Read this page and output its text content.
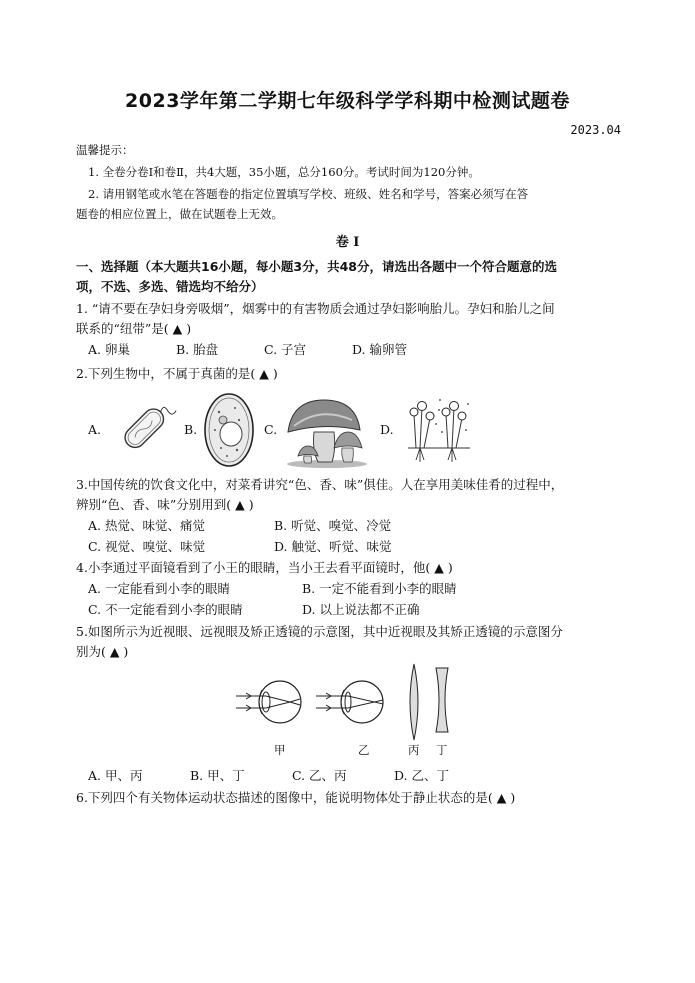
2023学年第二学期七年级科学学科期中检测试题卷
2023.04
温馨提示：
1. 全卷分卷Ⅰ和卷Ⅱ，共4大题，35小题，总分160分。考试时间为120分钟。
2. 请用钢笔或水笔在答题卷的指定位置填写学校、班级、姓名和学号，答案必须写在答
题卷的相应位置上，做在试题卷上无效。
卷 Ⅰ
一、选择题（本大题共16小题，每小题3分，共48分，请选出各题中一个符合题意的选
项，不选、多选、错选均不给分）
1. “请不要在孕妇身旁吸烟”，烟雾中的有害物质会通过孕妇影响胎儿。孕妇和胎儿之间
联系的“纽带”是( ▲ )
A. 卵巢	B. 胎盘	C. 子宫	D. 输卵管
2.下列生物中，不属于真菌的是( ▲ )
A.	B.	C.	D.
3.中国传统的饮食文化中，对菜肴讲究“色、香、味”俱佳。人在享用美味佳肴的过程中，
辨别“色、香、味”分别用到( ▲ )
A. 热觉、味觉、痛觉	B. 听觉、嗅觉、冷觉
C. 视觉、嗅觉、味觉	D. 触觉、听觉、味觉
4.小李通过平面镜看到了小王的眼睛，当小王去看平面镜时，他( ▲ )
A. 一定能看到小李的眼睛	B. 一定不能看到小李的眼睛
C. 不一定能看到小李的眼睛	D. 以上说法都不正确
5.如图所示为近视眼、远视眼及矫正透镜的示意图，其中近视眼及其矫正透镜的示意图分
别为( ▲ )
甲	乙	丙 丁
A. 甲、丙	B. 甲、丁	C. 乙、丙	D. 乙、丁
6.下列四个有关物体运动状态描述的图像中，能说明物体处于静止状态的是( ▲ )
